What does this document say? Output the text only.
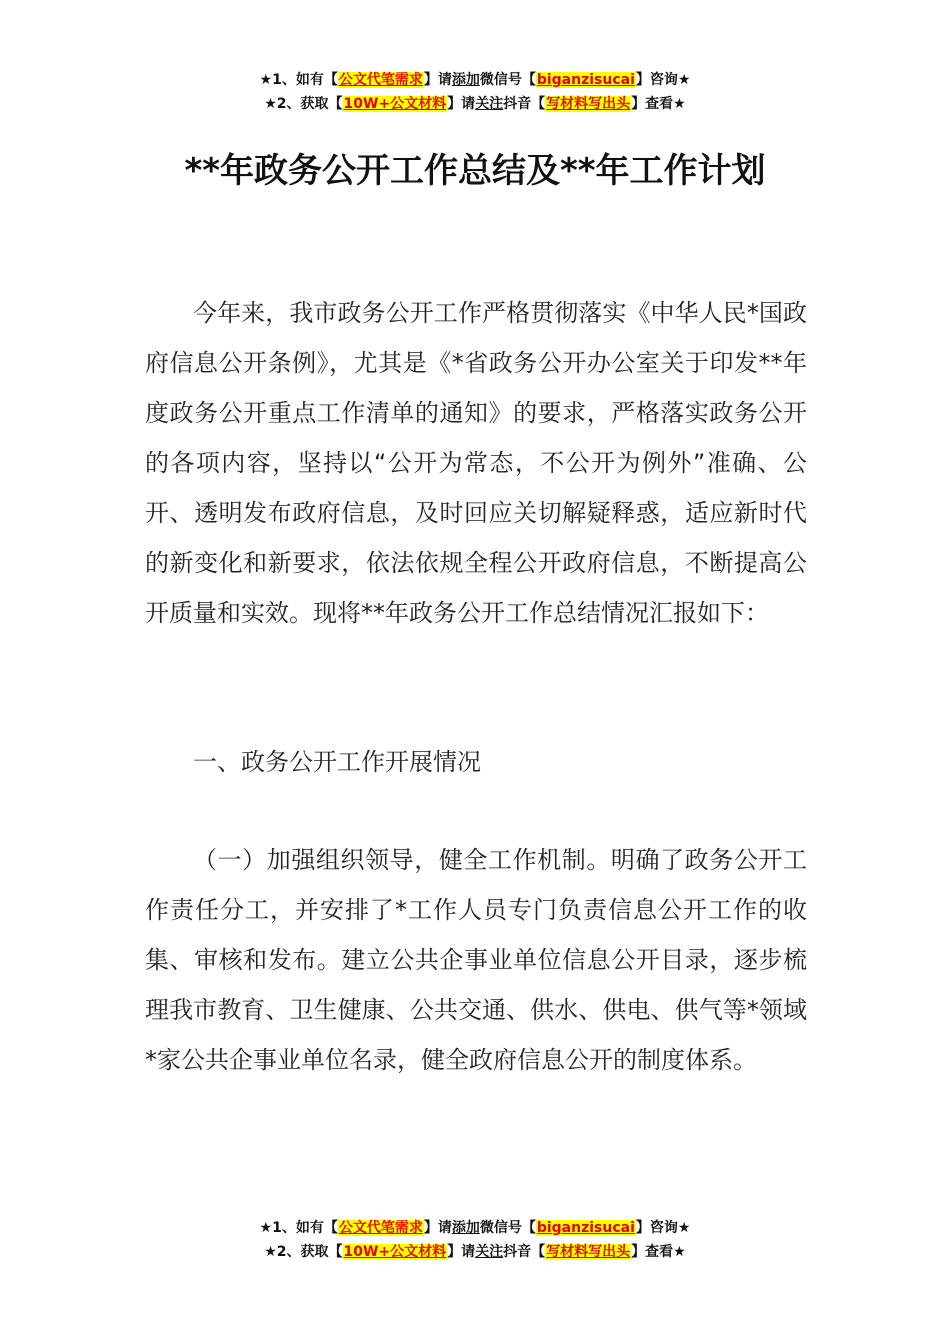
★1、如有【公文代笔需求】请添加微信号【biganzisucai】咨询★
★2、获取【10W+公文材料】请关注抖音【写材料写出头】查看★
**年政务公开工作总结及**年工作计划

今年来，我市政务公开工作严格贯彻落实《中华人民*国政府信息公开条例》，尤其是《*省政务公开办公室关于印发**年度政务公开重点工作清单的通知》的要求，严格落实政务公开的各项内容，坚持以“公开为常态，不公开为例外”准确、公开、透明发布政府信息，及时回应关切解疑释惑，适应新时代的新变化和新要求，依法依规全程公开政府信息，不断提高公开质量和实效。现将**年政务公开工作总结情况汇报如下：

一、政务公开工作开展情况

（一）加强组织领导，健全工作机制。明确了政务公开工作责任分工，并安排了*工作人员专门负责信息公开工作的收集、审核和发布。建立公共企事业单位信息公开目录，逐步梳理我市教育、卫生健康、公共交通、供水、供电、供气等*领域*家公共企事业单位名录，健全政府信息公开的制度体系。

★1、如有【公文代笔需求】请添加微信号【biganzisucai】咨询★
★2、获取【10W+公文材料】请关注抖音【写材料写出头】查看★
